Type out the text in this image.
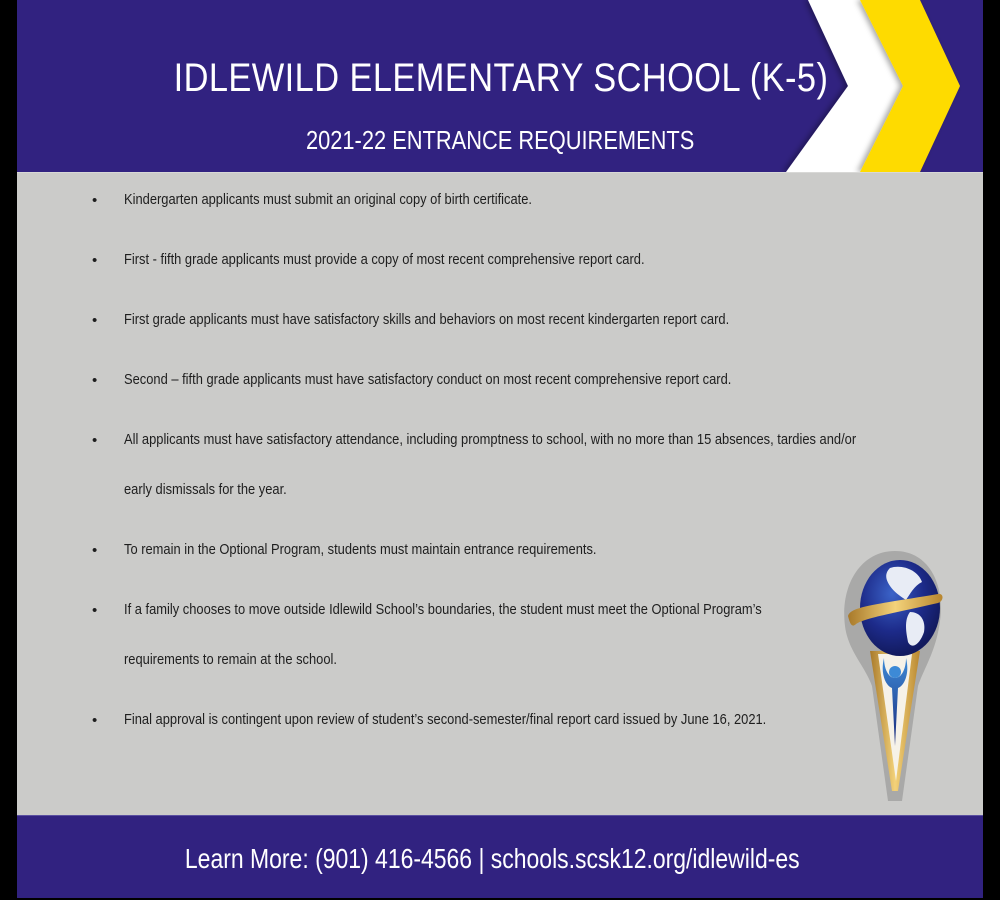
IDLEWILD ELEMENTARY SCHOOL (K-5)
2021-22 ENTRANCE REQUIREMENTS
• Kindergarten applicants must submit an original copy of birth certificate.
• First - fifth grade applicants must provide a copy of most recent comprehensive report card.
• First grade applicants must have satisfactory skills and behaviors on most recent kindergarten report card.
• Second – fifth grade applicants must have satisfactory conduct on most recent comprehensive report card.
• All applicants must have satisfactory attendance, including promptness to school, with no more than 15 absences, tardies and/or
early dismissals for the year.
• To remain in the Optional Program, students must maintain entrance requirements.
• If a family chooses to move outside Idlewild School’s boundaries, the student must meet the Optional Program’s
requirements to remain at the school.
• Final approval is contingent upon review of student’s second-semester/final report card issued by June 16, 2021.
Learn More: (901) 416-4566 | schools.scsk12.org/idlewild-es
